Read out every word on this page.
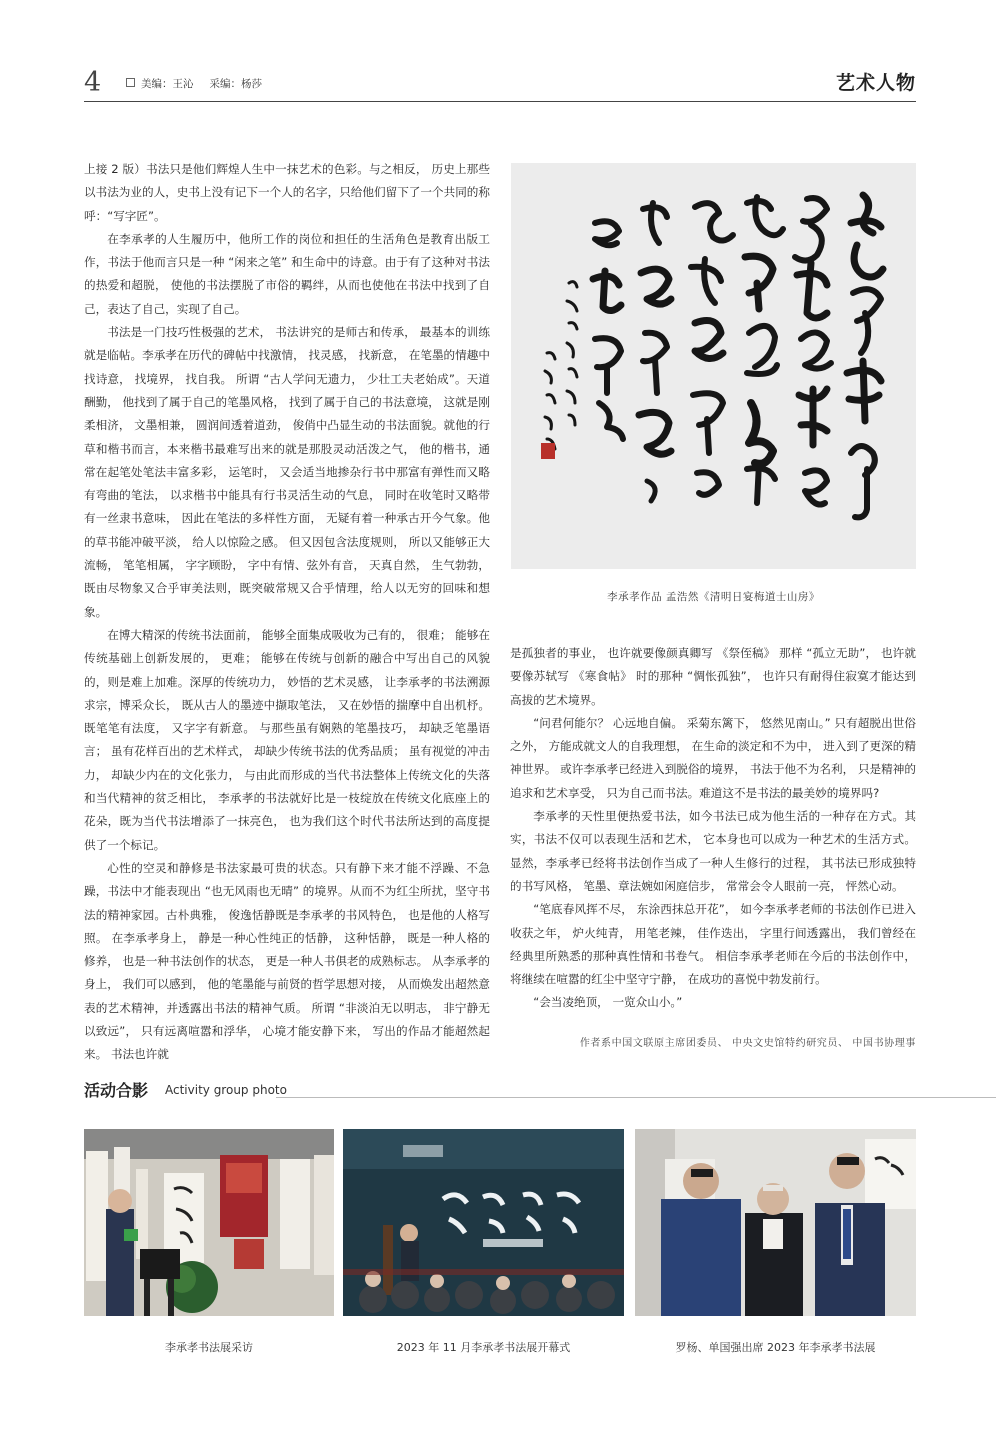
4	美编：王沁 采编：杨莎	艺术人物

上接 2 版）书法只是他们辉煌人生中一抹艺术的色彩。与之相反， 历史上那些以书法为业的人，史书上没有记下一个人的名字，只给他们留下了一个共同的称呼：“写字匠”。

在李承孝的人生履历中，他所工作的岗位和担任的生活角色是教育出版工作，书法于他而言只是一种 “闲来之笔” 和生命中的诗意。由于有了这种对书法的热爱和超脱， 使他的书法摆脱了市俗的羁绊，从而也使他在书法中找到了自己，表达了自己，实现了自己。

书法是一门技巧性极强的艺术， 书法讲究的是师古和传承， 最基本的训练就是临帖。李承孝在历代的碑帖中找激情， 找灵感， 找新意， 在笔墨的情趣中找诗意， 找境界， 找自我。 所谓 “古人学问无遗力， 少壮工夫老始成”。天道酬勤， 他找到了属于自己的笔墨风格， 找到了属于自己的书法意境， 这就是刚柔相济， 文墨相兼， 圆润间透着道劲， 俊俏中凸显生动的书法面貌。就他的行草和楷书而言，本来楷书最难写出来的就是那股灵动活泼之气， 他的楷书，通常在起笔处笔法丰富多彩， 运笔时， 又会适当地掺杂行书中那富有弹性而又略有弯曲的笔法， 以求楷书中能具有行书灵活生动的气息， 同时在收笔时又略带有一丝隶书意味， 因此在笔法的多样性方面， 无疑有着一种承古开今气象。他的草书能冲破平淡， 给人以惊险之感。 但又因包含法度规则， 所以又能够正大流畅， 笔笔相属， 字字顾盼， 字中有情、弦外有音， 天真自然， 生气勃勃，既由尽物象又合乎审美法则，既突破常规又合乎情理，给人以无穷的回味和想象。

在博大精深的传统书法面前， 能够全面集成吸收为己有的， 很难； 能够在传统基础上创新发展的， 更难； 能够在传统与创新的融合中写出自己的风貌的，则是难上加难。深厚的传统功力， 妙悟的艺术灵感， 让李承孝的书法溯源求宗，博采众长， 既从古人的墨迹中撷取笔法， 又在妙悟的揣摩中自出机杼。 既笔笔有法度， 又字字有新意。 与那些虽有娴熟的笔墨技巧， 却缺乏笔墨语言； 虽有花样百出的艺术样式， 却缺少传统书法的优秀品质； 虽有视觉的冲击力， 却缺少内在的文化张力， 与由此而形成的当代书法整体上传统文化的失落和当代精神的贫乏相比， 李承孝的书法就好比是一枝绽放在传统文化底座上的花朵，既为当代书法增添了一抹亮色， 也为我们这个时代书法所达到的高度提供了一个标记。

心性的空灵和静修是书法家最可贵的状态。只有静下来才能不浮躁、不急躁，书法中才能表现出 “也无风雨也无晴” 的境界。从而不为红尘所扰，坚守书法的精神家园。古朴典雅， 俊逸恬静既是李承孝的书风特色， 也是他的人格写照。 在李承孝身上， 静是一种心性纯正的恬静， 这种恬静， 既是一种人格的修养， 也是一种书法创作的状态， 更是一种人书俱老的成熟标志。 从李承孝的身上， 我们可以感到， 他的笔墨能与前贤的哲学思想对接， 从而焕发出超然意表的艺术精神，并透露出书法的精神气质。 所谓 “非淡泊无以明志， 非宁静无以致远”， 只有远离喧嚣和浮华， 心境才能安静下来， 写出的作品才能超然起来。 书法也许就

李承孝作品 孟浩然《清明日宴梅道士山房》

是孤独者的事业， 也许就要像颜真卿写 《祭侄稿》 那样 “孤立无助”， 也许就要像苏轼写 《寒食帖》 时的那种 “惆怅孤独”， 也许只有耐得住寂寞才能达到高拔的艺术境界。

“问君何能尔？ 心远地自偏。 采菊东篱下， 悠然见南山。” 只有超脱出世俗之外， 方能成就文人的自我理想， 在生命的淡定和不为中， 进入到了更深的精神世界。 或许李承孝已经进入到脱俗的境界， 书法于他不为名利， 只是精神的追求和艺术享受， 只为自己而书法。难道这不是书法的最美妙的境界吗?

李承孝的天性里便热爱书法，如今书法已成为他生活的一种存在方式。其实，书法不仅可以表现生活和艺术， 它本身也可以成为一种艺术的生活方式。 显然，李承孝已经将书法创作当成了一种人生修行的过程， 其书法已形成独特的书写风格， 笔墨、章法婉如闲庭信步， 常常会令人眼前一亮， 怦然心动。

“笔底春风挥不尽， 东涂西抹总开花”， 如今李承孝老师的书法创作已进入收获之年， 炉火纯青， 用笔老辣， 佳作迭出， 字里行间透露出， 我们曾经在经典里所熟悉的那种真性情和书卷气。 相信李承孝老师在今后的书法创作中， 将继续在喧嚣的红尘中坚守宁静， 在成功的喜悦中勃发前行。

“会当凌绝顶， 一览众山小。”

作者系中国文联原主席团委员、 中央文史馆特约研究员、 中国书协理事
活动合影 Activity group photo
李承孝书法展采访	2023 年 11 月李承孝书法展开幕式	罗杨、单国强出席 2023 年李承孝书法展
